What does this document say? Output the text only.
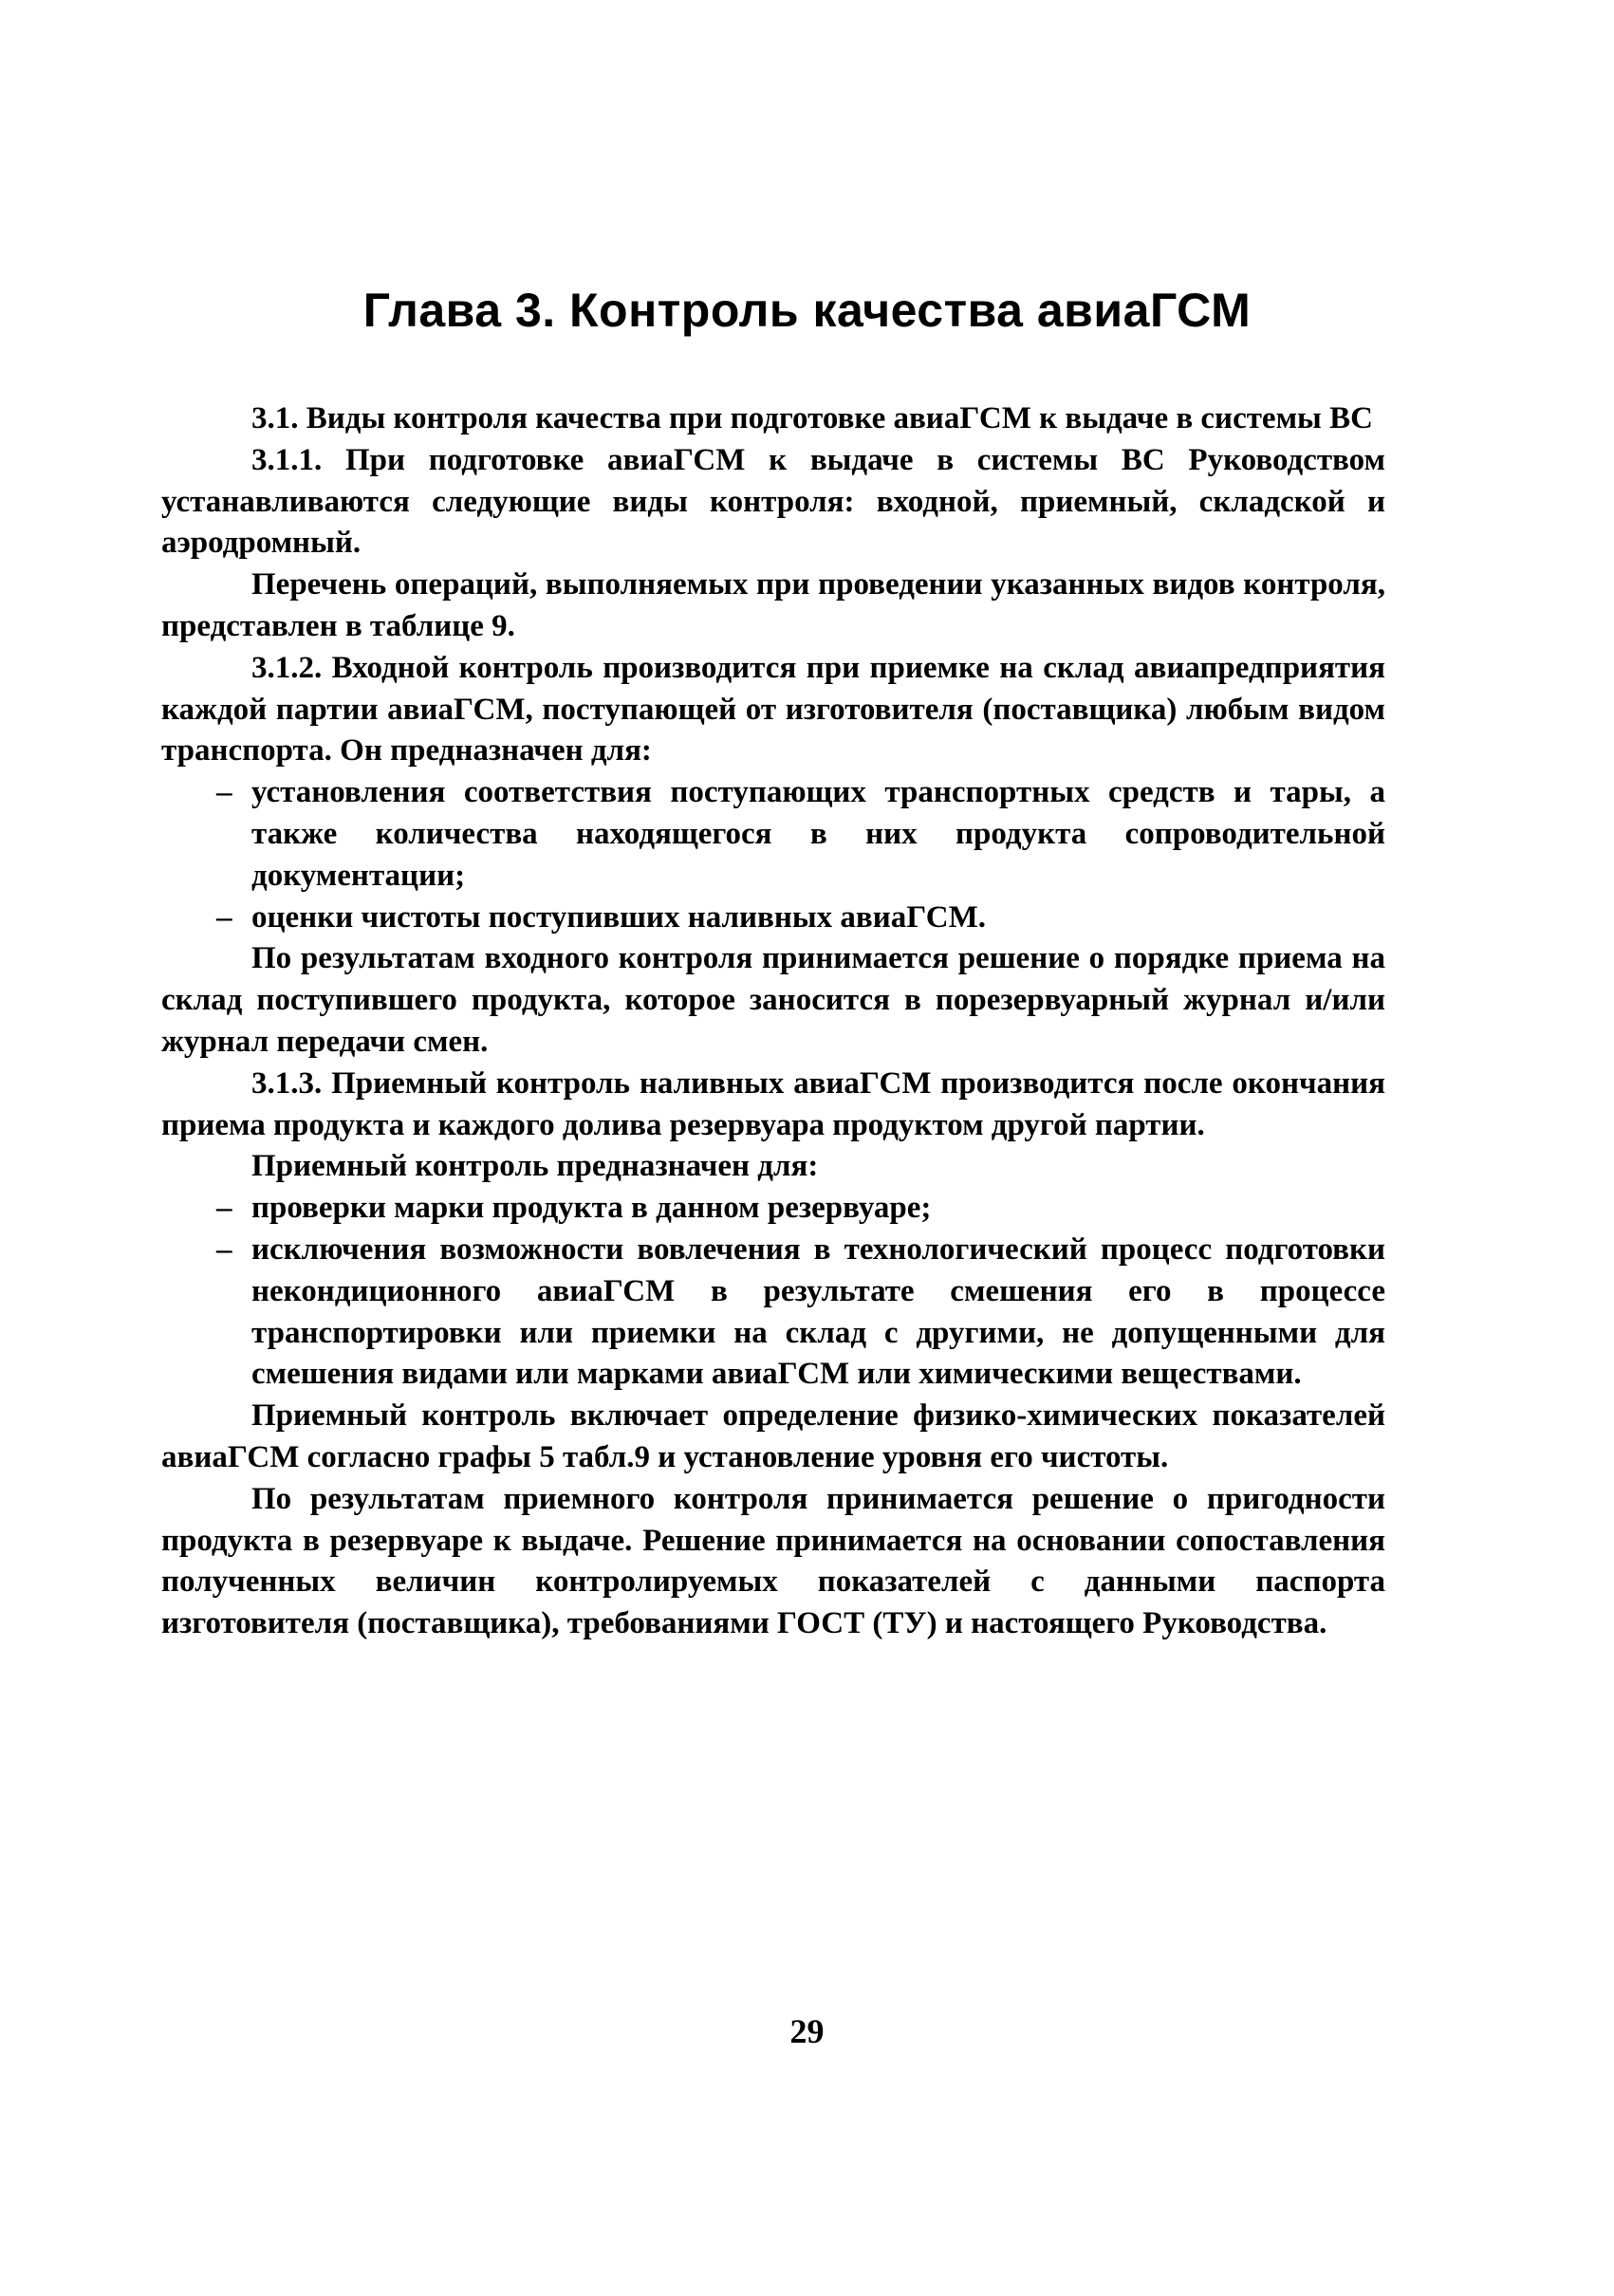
Глава 3. Контроль качества авиаГСМ

3.1. Виды контроля качества при подготовке авиаГСМ к выдаче в системы ВС

3.1.1. При подготовке авиаГСМ к выдаче в системы ВС Руководством устанавливаются следующие виды контроля: входной, приемный, складской и аэродромный.

Перечень операций, выполняемых при проведении указанных видов контроля, представлен в таблице 9.

3.1.2. Входной контроль производится при приемке на склад авиапредприятия каждой партии авиаГСМ, поступающей от изготовителя (поставщика) любым видом транспорта. Он предназначен для:

– установления соответствия поступающих транспортных средств и тары, а также количества находящегося в них продукта сопроводительной документации;
– оценки чистоты поступивших наливных авиаГСМ.

По результатам входного контроля принимается решение о порядке приема на склад поступившего продукта, которое заносится в порезервуарный журнал и/или журнал передачи смен.

3.1.3. Приемный контроль наливных авиаГСМ производится после окончания приема продукта и каждого долива резервуара продуктом другой партии.

Приемный контроль предназначен для:

– проверки марки продукта в данном резервуаре;
– исключения возможности вовлечения в технологический процесс подготовки некондиционного авиаГСМ в результате смешения его в процессе транспортировки или приемки на склад с другими, не допущенными для смешения видами или марками авиаГСМ или химическими веществами.

Приемный контроль включает определение физико-химических показателей авиаГСМ согласно графы 5 табл.9 и установление уровня его чистоты.

По результатам приемного контроля принимается решение о пригодности продукта в резервуаре к выдаче. Решение принимается на основании сопоставления полученных величин контролируемых показателей с данными паспорта изготовителя (поставщика), требованиями ГОСТ (ТУ) и настоящего Руководства.

29
